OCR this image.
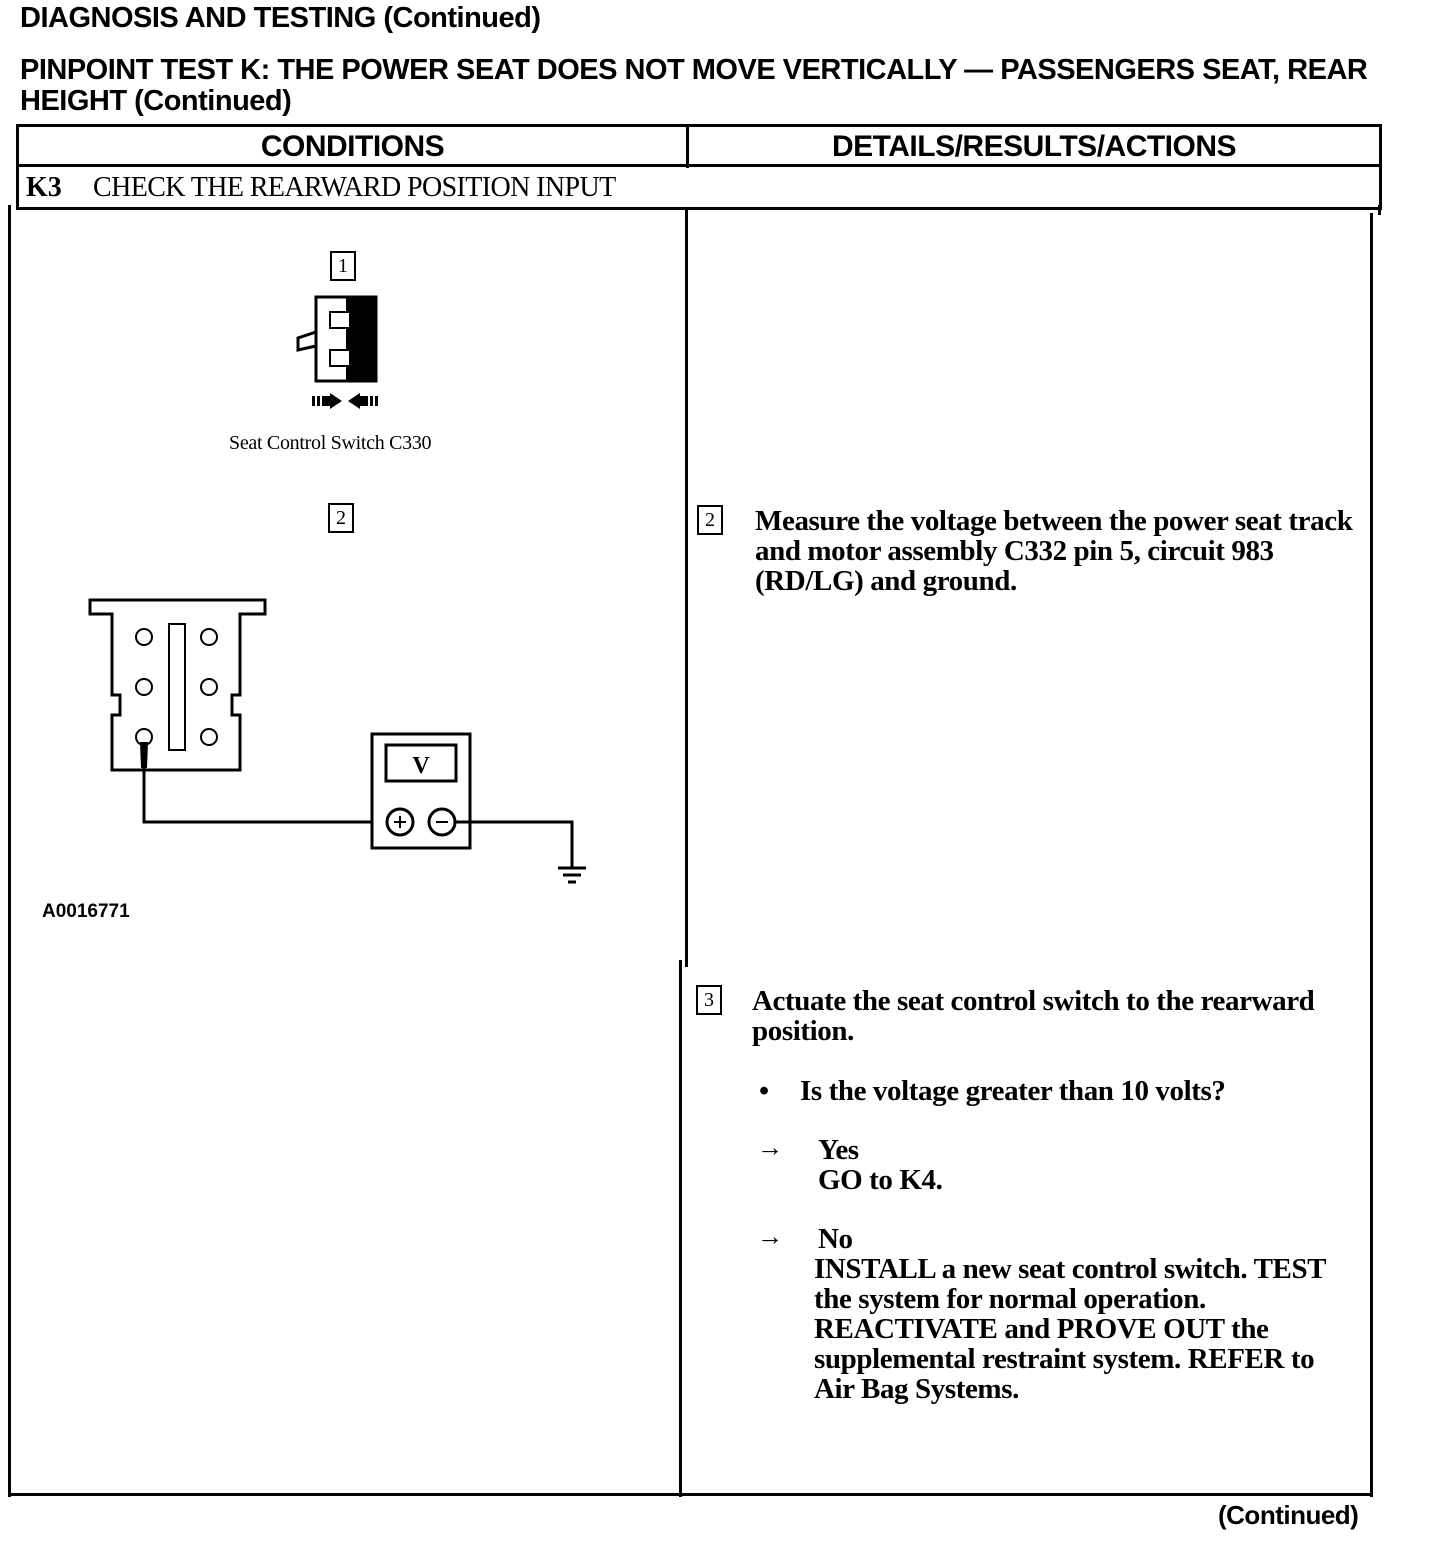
DIAGNOSIS AND TESTING (Continued)
PINPOINT TEST K: THE POWER SEAT DOES NOT MOVE VERTICALLY — PASSENGERS SEAT, REAR HEIGHT (Continued)
CONDITIONS	DETAILS/RESULTS/ACTIONS
K3 CHECK THE REARWARD POSITION INPUT
1
2
Seat Control Switch C330
V
A0016771
2 Measure the voltage between the power seat track and motor assembly C332 pin 5, circuit 983 (RD/LG) and ground.
3 Actuate the seat control switch to the rearward position.
• Is the voltage greater than 10 volts?
→ Yes
GO to K4.
→ No
INSTALL a new seat control switch. TEST the system for normal operation. REACTIVATE and PROVE OUT the supplemental restraint system. REFER to Air Bag Systems.
(Continued)
